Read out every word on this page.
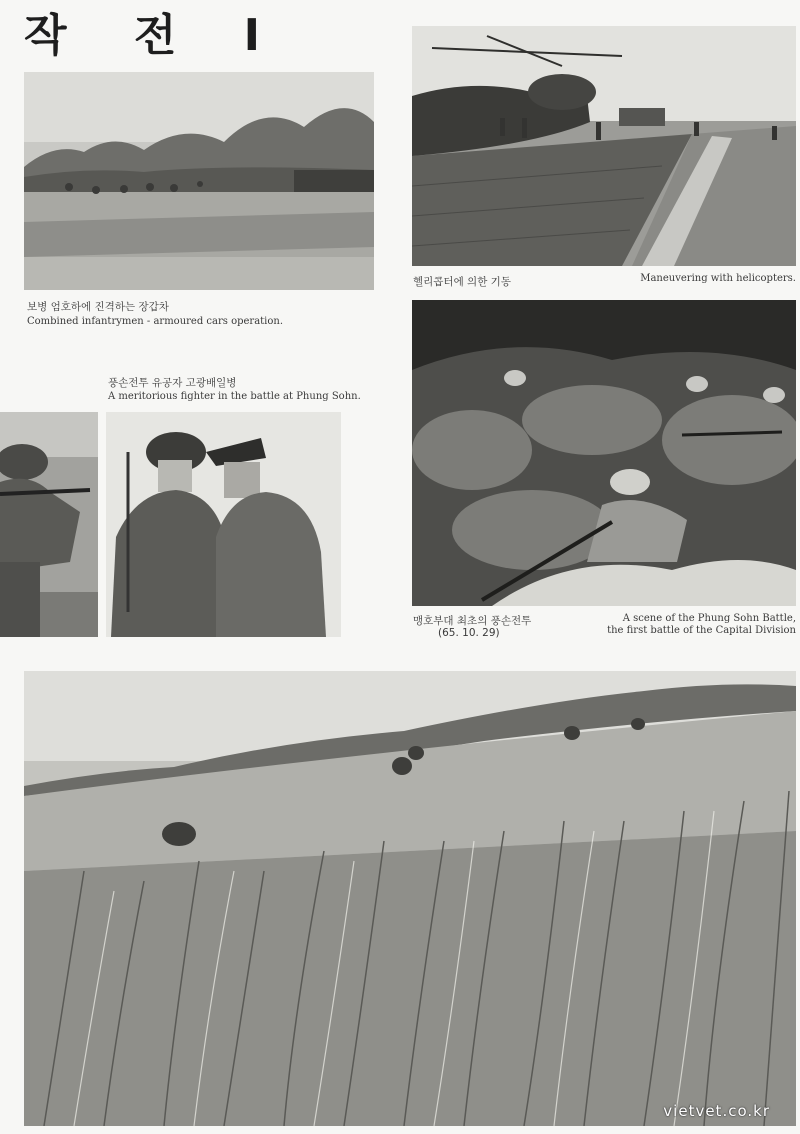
작 전 I
보병 엄호하에 진격하는 장갑차
Combined infantrymen - armoured cars operation.
헬리콥터에 의한 기동	Maneuvering with helicopters.
풍손전투 유공자 고광배일병
A meritorious fighter in the battle at Phung Sohn.
맹호부대 최초의 풍손전투
(65. 10. 29)
A scene of the Phung Sohn Battle,
the first battle of the Capital Division
vietvet.co.kr
